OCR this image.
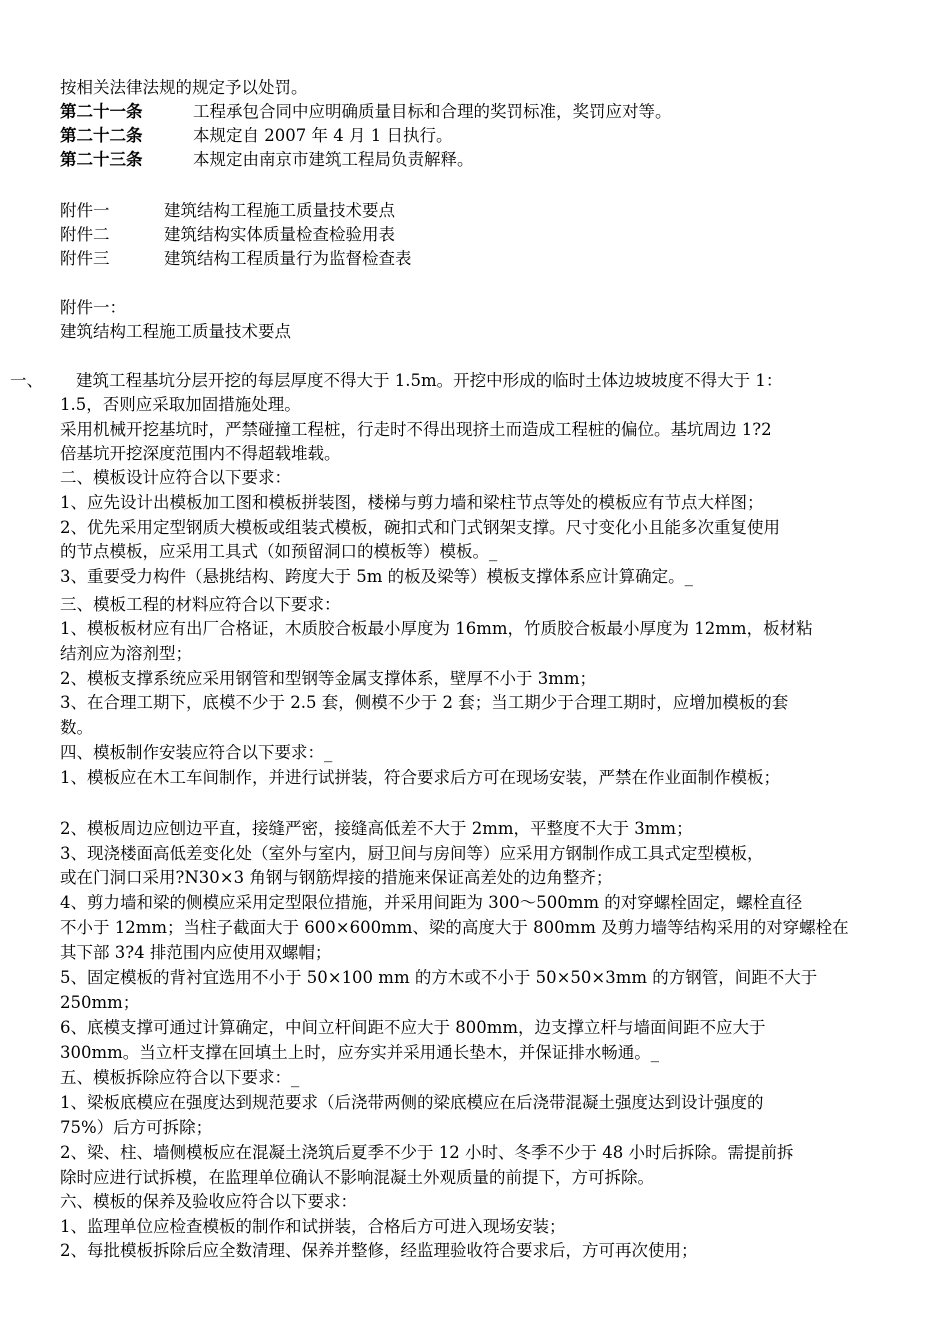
按相关法律法规的规定予以处罚。
第二十一条	工程承包合同中应明确质量目标和合理的奖罚标准，奖罚应对等。
第二十二条	本规定自 2007 年 4 月 1 日执行。
第二十三条	本规定由南京市建筑工程局负责解释。
附件一	建筑结构工程施工质量技术要点
附件二	建筑结构实体质量检查检验用表
附件三	建筑结构工程质量行为监督检查表
附件一：
建筑结构工程施工质量技术要点
一、 建筑工程基坑分层开挖的每层厚度不得大于 1.5m。开挖中形成的临时土体边坡坡度不得大于 1：
1.5，否则应采取加固措施处理。
采用机械开挖基坑时，严禁碰撞工程桩，行走时不得出现挤土而造成工程桩的偏位。基坑周边 1?2
倍基坑开挖深度范围内不得超载堆载。
二、模板设计应符合以下要求：
1、应先设计出模板加工图和模板拼装图，楼梯与剪力墙和梁柱节点等处的模板应有节点大样图；
2、优先采用定型钢质大模板或组装式模板，碗扣式和门式钢架支撑。尺寸变化小且能多次重复使用
的节点模板，应采用工具式（如预留洞口的模板等）模板。_
3、重要受力构件（悬挑结构、跨度大于 5m 的板及梁等）模板支撑体系应计算确定。_
三、模板工程的材料应符合以下要求：
1、模板板材应有出厂合格证，木质胶合板最小厚度为 16mm，竹质胶合板最小厚度为 12mm，板材粘
结剂应为溶剂型；
2、模板支撑系统应采用钢管和型钢等金属支撑体系，壁厚不小于 3mm；
3、在合理工期下，底模不少于 2.5 套，侧模不少于 2 套；当工期少于合理工期时，应增加模板的套
数。
四、模板制作安装应符合以下要求：_
1、模板应在木工车间制作，并进行试拼装，符合要求后方可在现场安装，严禁在作业面制作模板；
2、模板周边应刨边平直，接缝严密，接缝高低差不大于 2mm，平整度不大于 3mm；
3、现浇楼面高低差变化处（室外与室内，厨卫间与房间等）应采用方钢制作成工具式定型模板，
或在门洞口采用?N30×3 角钢与钢筋焊接的措施来保证高差处的边角整齐；
4、剪力墙和梁的侧模应采用定型限位措施，并采用间距为 300～500mm 的对穿螺栓固定，螺栓直径
不小于 12mm；当柱子截面大于 600×600mm、梁的高度大于 800mm 及剪力墙等结构采用的对穿螺栓在
其下部 3?4 排范围内应使用双螺帽；
5、固定模板的背衬宜选用不小于 50×100 mm 的方木或不小于 50×50×3mm 的方钢管，间距不大于
250mm；
6、底模支撑可通过计算确定，中间立杆间距不应大于 800mm，边支撑立杆与墙面间距不应大于
300mm。当立杆支撑在回填土上时，应夯实并采用通长垫木，并保证排水畅通。_
五、模板拆除应符合以下要求：_
1、梁板底模应在强度达到规范要求（后浇带两侧的梁底模应在后浇带混凝土强度达到设计强度的
75%）后方可拆除；
2、梁、柱、墙侧模板应在混凝土浇筑后夏季不少于 12 小时、冬季不少于 48 小时后拆除。需提前拆
除时应进行试拆模，在监理单位确认不影响混凝土外观质量的前提下，方可拆除。
六、模板的保养及验收应符合以下要求：
1、监理单位应检查模板的制作和试拼装，合格后方可进入现场安装；
2、每批模板拆除后应全数清理、保养并整修，经监理验收符合要求后，方可再次使用；
